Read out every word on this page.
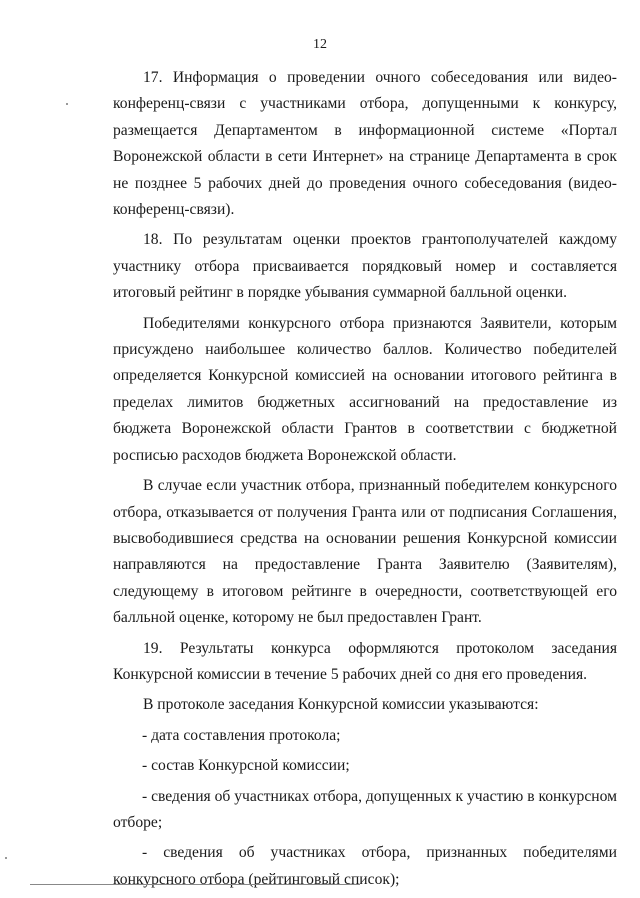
12

17. Информация о проведении очного собеседования или видео-конференц-связи с участниками отбора, допущенными к конкурсу, размещается Департаментом в информационной системе «Портал Воронежской области в сети Интернет» на странице Департамента в срок не позднее 5 рабочих дней до проведения очного собеседования (видео-конференц-связи).

18. По результатам оценки проектов грантополучателей каждому участнику отбора присваивается порядковый номер и составляется итоговый рейтинг в порядке убывания суммарной балльной оценки.

Победителями конкурсного отбора признаются Заявители, которым присуждено наибольшее количество баллов. Количество победителей определяется Конкурсной комиссией на основании итогового рейтинга в пределах лимитов бюджетных ассигнований на предоставление из бюджета Воронежской области Грантов в соответствии с бюджетной росписью расходов бюджета Воронежской области.

В случае если участник отбора, признанный победителем конкурсного отбора, отказывается от получения Гранта или от подписания Соглашения, высвободившиеся средства на основании решения Конкурсной комиссии направляются на предоставление Гранта Заявителю (Заявителям), следующему в итоговом рейтинге в очередности, соответствующей его балльной оценке, которому не был предоставлен Грант.

19. Результаты конкурса оформляются протоколом заседания Конкурсной комиссии в течение 5 рабочих дней со дня его проведения.

В протоколе заседания Конкурсной комиссии указываются:

- дата составления протокола;

- состав Конкурсной комиссии;

- сведения об участниках отбора, допущенных к участию в конкурсном отборе;

- сведения об участниках отбора, признанных победителями конкурсного отбора (рейтинговый список);
